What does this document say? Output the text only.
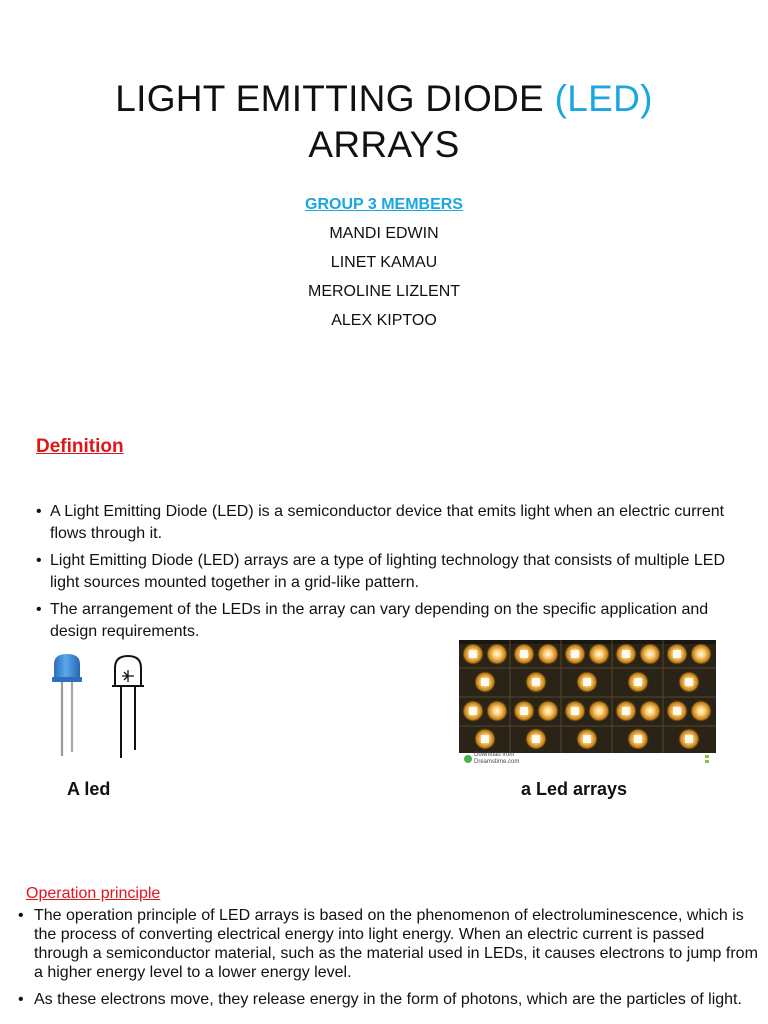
LIGHT EMITTING DIODE (LED)
ARRAYS
GROUP 3 MEMBERS
MANDI EDWIN
LINET KAMAU
MEROLINE LIZLENT
ALEX KIPTOO
Definition
• A Light Emitting Diode (LED) is a semiconductor device that emits light when an electric current flows through it.
• Light Emitting Diode (LED) arrays are a type of lighting technology that consists of multiple LED light sources mounted together in a grid-like pattern.
• The arrangement of the LEDs in the array can vary depending on the specific application and design requirements.
Download from Dreamstime.com
A led	a Led arrays
Operation principle
• The operation principle of LED arrays is based on the phenomenon of electroluminescence, which is the process of converting electrical energy into light energy. When an electric current is passed through a semiconductor material, such as the material used in LEDs, it causes electrons to jump from a higher energy level to a lower energy level.
• As these electrons move, they release energy in the form of photons, which are the particles of light.
